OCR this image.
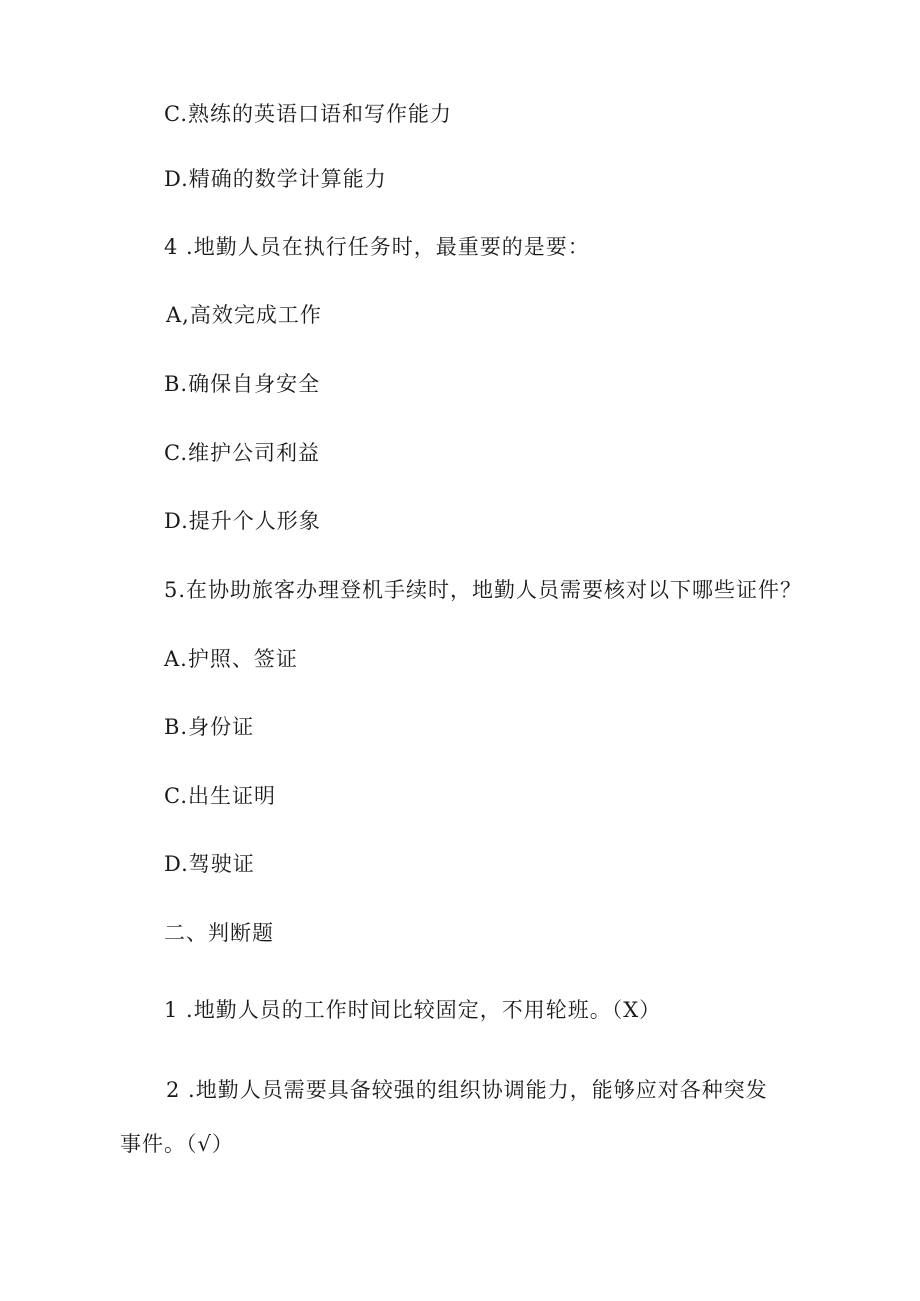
C.熟练的英语口语和写作能力
D.精确的数学计算能力
4 .地勤人员在执行任务时，最重要的是要：
A,高效完成工作
B.确保自身安全
C.维护公司利益
D.提升个人形象
5.在协助旅客办理登机手续时，地勤人员需要核对以下哪些证件？
A.护照、签证
B.身份证
C.出生证明
D.驾驶证
二、判断题
1 .地勤人员的工作时间比较固定，不用轮班。（X）
2 .地勤人员需要具备较强的组织协调能力，能够应对各种突发事件。（√）
